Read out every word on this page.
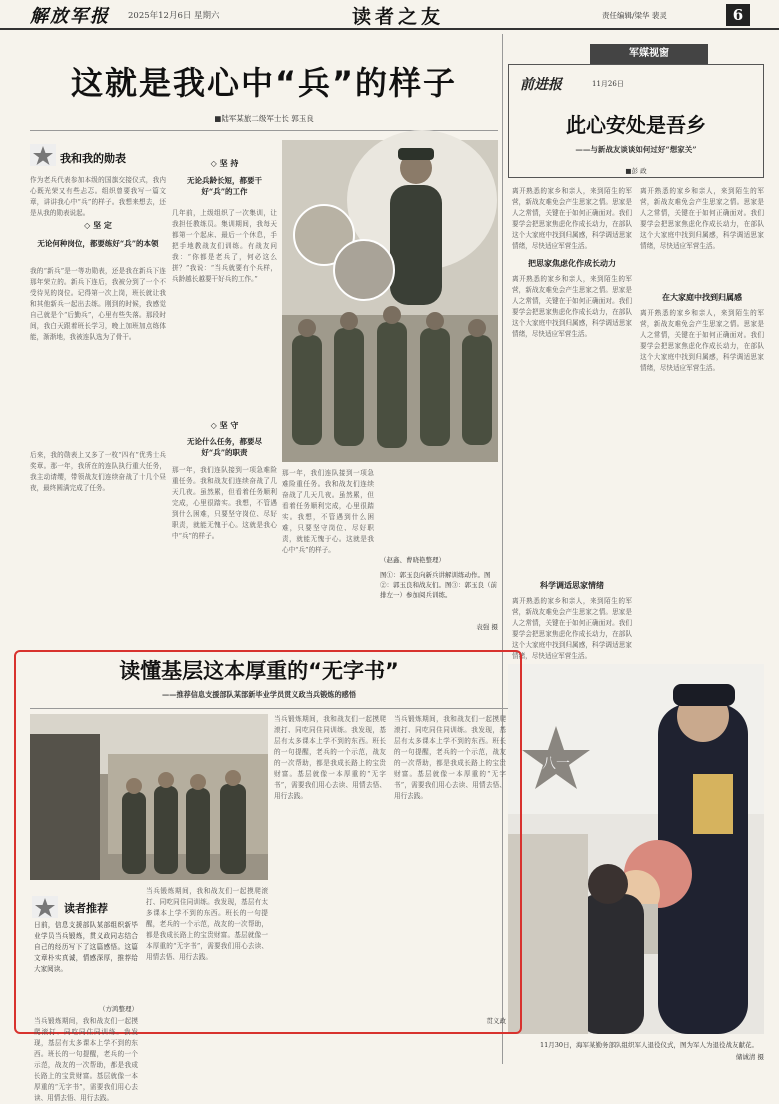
解放军报 2025年12月6日 星期六	读者之友	责任编辑/梁华 裴灵	6
这就是我心中“兵”的样子
■陆军某旅二级军士长 郭玉良
我和我的勋表
作为老兵代表参加本级的国旗交接仪式，我内心既光荣又有些忐忑。组织曾要我写一篇文章，讲讲我心中“兵”的样子。我想来想去，还是从我的勋表说起。
◇ 坚 定
无论何种岗位，都要练好“兵”的本领
我的“新兵”是一等功勋表，还是我在新兵下连那年荣立的。新兵下连后，我被分到了一个不受待见的岗位。记得第一次上岗，班长就让我和其他新兵一起出去练。刚到的时候，我感觉自己就是个“后勤兵”，心里有些失落。那段时间，我白天跟着班长学习，晚上加班加点练体能，渐渐地，我被连队选为了骨干。
后来，我的勋表上又多了一枚“四有”优秀士兵奖章。那一年，我所在的连队执行重大任务，我主动请缨，带领战友们连续奋战了十几个昼夜，最终圆满完成了任务。
◇ 坚 持
无论兵龄长短，都要干好“兵”的工作
几年前，上级组织了一次集训，让我担任教练员。集训期间，我每天都第一个起床、最后一个休息，手把手地教战友们训练。有战友问我：“你都是老兵了，何必这么拼？”我说：“当兵就要有个兵样，兵龄越长越要干好兵的工作。”
◇ 坚 守
无论什么任务，都要尽好“兵”的职责
那一年，我们连队接到一项急难险重任务。我和战友们连续奋战了几天几夜。虽然累，但看着任务顺利完成，心里很踏实。我想，不管遇到什么困难，只要坚守岗位、尽好职责，就能无愧于心。这就是我心中“兵”的样子。
（赵鑫、曹晓艳整理）
图①：郭玉良向新兵讲解训练动作。图②：郭玉良和战友们。图③：郭玉良（前排左一）参加阅兵训练。
袁强 摄
那一年，我们连队接到一项急难险重任务。我和战友们连续奋战了几天几夜。虽然累，但看着任务顺利完成，心里很踏实。我想，不管遇到什么困难，只要坚守岗位、尽好职责，就能无愧于心。这就是我心中“兵”的样子。
军媒视窗
前进报	11月26日
此心安处是吾乡
——与新战友谈谈如何过好“想家关”
■彭 政
离开熟悉的家乡和亲人，来到陌生的军营，新战友难免会产生思家之情。思家是人之常情，关键在于如何正确面对。我们要学会把思家焦虑化作成长动力，在部队这个大家庭中找到归属感，科学调适思家情绪，尽快适应军营生活。
把思家焦虑化作成长动力
离开熟悉的家乡和亲人，来到陌生的军营，新战友难免会产生思家之情。思家是人之常情，关键在于如何正确面对。我们要学会把思家焦虑化作成长动力，在部队这个大家庭中找到归属感，科学调适思家情绪，尽快适应军营生活。
科学调适思家情绪
离开熟悉的家乡和亲人，来到陌生的军营，新战友难免会产生思家之情。思家是人之常情，关键在于如何正确面对。我们要学会把思家焦虑化作成长动力，在部队这个大家庭中找到归属感，科学调适思家情绪，尽快适应军营生活。
离开熟悉的家乡和亲人，来到陌生的军营，新战友难免会产生思家之情。思家是人之常情，关键在于如何正确面对。我们要学会把思家焦虑化作成长动力，在部队这个大家庭中找到归属感，科学调适思家情绪，尽快适应军营生活。
在大家庭中找到归属感
离开熟悉的家乡和亲人，来到陌生的军营，新战友难免会产生思家之情。思家是人之常情，关键在于如何正确面对。我们要学会把思家焦虑化作成长动力，在部队这个大家庭中找到归属感，科学调适思家情绪，尽快适应军营生活。
八一
11月30日，海军某勤务部队组织军人退役仪式，图为军人为退役战友献花。
储诚清 摄
读懂基层这本厚重的“无字书”
——推荐信息支援部队某部新毕业学员贯义政当兵锻炼的感悟
读者推荐
日前，信息支援部队某部组织新毕业学员当兵锻炼，贯义政同志结合自己的经历写下了这篇感悟。这篇文章朴实真诚，情感深厚，推荐给大家阅读。
（方鸿整理）
当兵锻炼期间，我和战友们一起摸爬滚打、同吃同住同训练。我发现，基层有太多课本上学不到的东西。班长的一句提醒，老兵的一个示范，战友的一次帮助，都是我成长路上的宝贵财富。基层就像一本厚重的“无字书”，需要我们用心去读、用情去悟、用行去践。
当兵锻炼期间，我和战友们一起摸爬滚打、同吃同住同训练。我发现，基层有太多课本上学不到的东西。班长的一句提醒，老兵的一个示范，战友的一次帮助，都是我成长路上的宝贵财富。基层就像一本厚重的“无字书”，需要我们用心去读、用情去悟、用行去践。
当兵锻炼期间，我和战友们一起摸爬滚打、同吃同住同训练。我发现，基层有太多课本上学不到的东西。班长的一句提醒，老兵的一个示范，战友的一次帮助，都是我成长路上的宝贵财富。基层就像一本厚重的“无字书”，需要我们用心去读、用情去悟、用行去践。
当兵锻炼期间，我和战友们一起摸爬滚打、同吃同住同训练。我发现，基层有太多课本上学不到的东西。班长的一句提醒，老兵的一个示范，战友的一次帮助，都是我成长路上的宝贵财富。基层就像一本厚重的“无字书”，需要我们用心去读、用情去悟、用行去践。
贯义政
